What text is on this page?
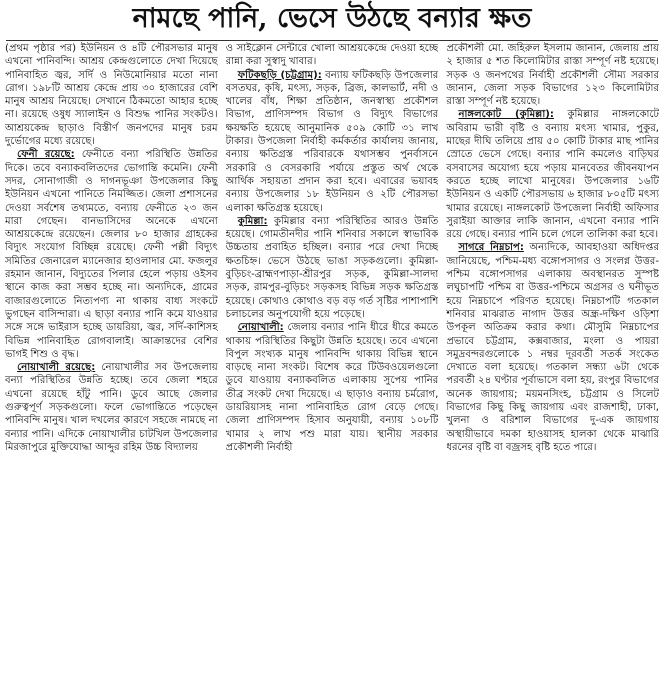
নামছে পানি, ভেসে উঠছে বন্যার ক্ষত

(প্রথম পৃষ্ঠার পর) ইউনিয়ন ও ৪টি পৌরসভার মানুষ এখনো পানিবন্দি। আশ্রয় কেন্দ্রগুলোতে দেখা দিয়েছে পানিবাহিত জ্বর, সর্দি ও নিউমোনিয়ার মতো নানা রোগ। ১৯৮টি আশ্রয় কেন্দ্রে প্রায় ৩০ হাজারের বেশি মানুষ আশ্রয় নিয়েছে। সেখানে ঠিকমতো আহার হচ্ছে না। রয়েছে ওষুধ স্যালাইন ও বিশুদ্ধ পানির সংকটও। আশ্রয়কেন্দ্র ছাড়াও বিস্তীর্ণ জনপদের মানুষ চরম দুর্ভোগের মধ্যে রয়েছে।

ফেনী রয়েছে: ফেনীতে বন্যা পরিস্থিতি উন্নতির দিকে। তবে বন্যাকবলিতদের ভোগান্তি কমেনি। ফেনী সদর, সোনাগাজী ও দাগনভূঞা উপজেলার কিছু ইউনিয়ন এখনো পানিতে নিমজ্জিত। জেলা প্রশাসনের দেওয়া সর্বশেষ তথ্যমতে, বন্যায় ফেনীতে ২৩ জন মারা গেছেন। বানভাসিদের অনেকে এখনো আশ্রয়কেন্দ্রে রয়েছেন। জেলার ৮০ হাজার গ্রাহকের বিদ্যুৎ সংযোগ বিচ্ছিন্ন রয়েছে। ফেনী পল্লী বিদ্যুৎ সমিতির জেনারেল ম্যানেজার হাওলাদার মো. ফজলুর রহমান জানান, বিদ্যুতের পিলার হেলে পড়ায় ওইসব স্থানে কাজ করা সম্ভব হচ্ছে না। অন্যদিকে, গ্রামের বাজারগুলোতে নিত্যপণ্য না থাকায় বাধ্য সংকটে ভুগছেন বাসিন্দারা। এ ছাড়া বন্যার পানি কমে যাওয়ার সঙ্গে সঙ্গে ভাইরাস হচ্ছে ডায়রিয়া, জ্বর, সর্দি-কাশিসহ বিভিন্ন পানিবাহিত রোগবালাই। আক্রান্তদের বেশির ভাগই শিশু ও বৃদ্ধ।

নোয়াখালী রয়েছে: নোয়াখালীর সব উপজেলায় বন্যা পরিস্থিতির উন্নতি হচ্ছে। তবে জেলা শহরে এখনো রয়েছে হাঁটু পানি। ডুবে আছে জেলার গুরুত্বপূর্ণ সড়কগুলো। ফলে ভোগান্তিতে পড়েছেন পানিবন্দি মানুষ। খাল দখলের কারণে সহজে নামছে না বন্যার পানি। এদিকে নোয়াখালীর চাটখিল উপজেলার মিরজাপুরে মুক্তিযোদ্ধা আব্দুর রহিম উচ্চ বিদ্যালয়

ও সাইক্লোন সেন্টারে খোলা আশ্রয়কেন্দ্রে দেওয়া হচ্ছে রান্না করা সুস্বাদু খাবার।

ফটিকছড়ি (চট্টগ্রাম): বন্যায় ফটিকছড়ি উপজেলার বসতঘর, কৃষি, মৎস্য, সড়ক, ব্রিজ, কালভার্ট, নদী ও খালের বাঁধ, শিক্ষা প্রতিষ্ঠান, জনস্বাস্থ্য প্রকৌশল বিভাগ, প্রাণিসম্পদ বিভাগ ও বিদ্যুৎ বিভাগের ক্ষয়ক্ষতি হয়েছে আনুমানিক ৫০৯ কোটি ৩১ লাখ টাকার। উপজেলা নির্বাহী কর্মকর্তার কার্যালয় জানায়, বন্যায় ক্ষতিগ্রস্ত পরিবারকে যথাসম্ভব পুনর্বাসনে সরকারি ও বেসরকারি পর্যায়ে প্রস্তুত অর্থ থেকে আর্থিক সহায়তা প্রদান করা হবে। এবারের ভয়াবহ বন্যায় উপজেলার ১৮ ইউনিয়ন ও ২টি পৌরসভা এলাকা ক্ষতিগ্রস্ত হয়েছে।

কুমিল্লা: কুমিল্লার বন্যা পরিস্থিতির আরও উন্নতি হয়েছে। গোমতীনদীর পানি শনিবার সকালে স্বাভাবিক উচ্চতায় প্রবাহিত হচ্ছিল। বন্যার পরে দেখা দিচ্ছে ক্ষতচিহ্ন। ভেসে উঠছে ভাঙা সড়কগুলো। কুমিল্লা-বুড়িচং-ব্রাহ্মণপাড়া-শ্রীরপুর সড়ক, কুমিল্লা-সালদা সড়ক, রামপুর-বুড়িচং সড়কসহ বিভিন্ন সড়ক ক্ষতিগ্রস্ত হয়েছে। কোথাও কোথাও বড় বড় গর্ত সৃষ্টির পাশাপাশি চলাচলের অনুপযোগী হয়ে পড়েছে।

নোয়াখালী: জেলায় বন্যার পানি ধীরে ধীরে কমতে থাকায় পরিস্থিতির কিছুটা উন্নতি হয়েছে। তবে এখনো বিপুল সংখ্যক মানুষ পানিবন্দি থাকায় বিভিন্ন স্থানে বাড়ছে নানা সংকট। বিশেষ করে টিউবওয়েলগুলো ডুবে যাওয়ায় বন্যাকবলিত এলাকায় সুপেয় পানির তীব্র সংকট দেখা দিয়েছে। এ ছাড়াও বন্যায় চর্মরোগ, ডায়রিয়াসহ নানা পানিবাহিত রোগ বেড়ে গেছে। জেলা প্রাণিসম্পদ হিসাব অনুযায়ী, বন্যায় ১০৮টি খামার ২ লাখ পশু মারা যায়। স্থানীয় সরকার প্রকৌশলী নির্বাহী

প্রকৌশলী মো. জহিরুল ইসলাম জানান, জেলায় প্রায় ২ হাজার ৫ শত কিলোমিটার রাস্তা সম্পূর্ণ নষ্ট হয়েছে। সড়ক ও জনপথের নির্বাহী প্রকৌশলী সৌম্য সরকার জানান, জেলা সড়ক বিভাগের ১২৩ কিলোমিটার রাস্তা সম্পূর্ণ নষ্ট হয়েছে।

নাঙ্গলকোট (কুমিল্লা): কুমিল্লার নাঙ্গলকোটে অবিরাম ভারী বৃষ্টি ও বন্যায় মৎস্য খামার, পুকুর, মাছের দীঘি তলিয়ে প্রায় ৫০ কোটি টাকার মাছ পানির স্রোতে ভেসে গেছে। বন্যার পানি কমলেও বাড়িঘর বসবাসের অযোগ্য হয়ে পড়ায় মানবেতর জীবনযাপন করতে হচ্ছে লাখো মানুষের। উপজেলার ১৬টি ইউনিয়ন ও একটি পৌরসভায় ৬ হাজার ৮০৫টি মৎস্য খামার রয়েছে। নাঙ্গলকোট উপজেলা নির্বাহী অফিসার সুরাইয়া আক্তার লাকি জানান, এখনো বন্যার পানি রয়ে গেছে। বন্যার পানি চলে গেলে তালিকা করা হবে।

সাগরে নিম্নচাপ: অন্যদিকে, আবহাওয়া অধিদপ্তর জানিয়েছে, পশ্চিম-মধ্য বঙ্গোপসাগর ও সংলগ্ন উত্তর-পশ্চিম বঙ্গোপসাগর এলাকায় অবস্থানরত সুস্পষ্ট লঘুচাপটি পশ্চিম বা উত্তর-পশ্চিমে অগ্রসর ও ঘনীভূত হয়ে নিম্নচাপে পরিণত হয়েছে। নিম্নচাপটি গতকাল শনিবার মাঝরাত নাগাদ উত্তর অন্ধ্র-দক্ষিণ ওড়িশা উপকূল অতিক্রম করার কথা। মৌসুমি নিম্নচাপের প্রভাবে চট্টগ্রাম, কক্সবাজার, মংলা ও পায়রা সমুদ্রবন্দরগুলোকে ১ নম্বর দূরবর্তী সতর্ক সংকেত দেখাতে বলা হয়েছে। গতকাল সন্ধ্যা ৬টা থেকে পরবর্তী ২৪ ঘণ্টার পূর্বাভাসে বলা হয়, রংপুর বিভাগের অনেক জায়গায়; ময়মনসিংহ, চট্টগ্রাম ও সিলেট বিভাগের কিছু কিছু জায়গায় এবং রাজশাহী, ঢাকা, খুলনা ও বরিশাল বিভাগের দু-এক জায়গায় অস্থায়ীভাবে দমকা হাওয়াসহ হালকা থেকে মাঝারি ধরনের বৃষ্টি বা বজ্রসহ বৃষ্টি হতে পারে।
